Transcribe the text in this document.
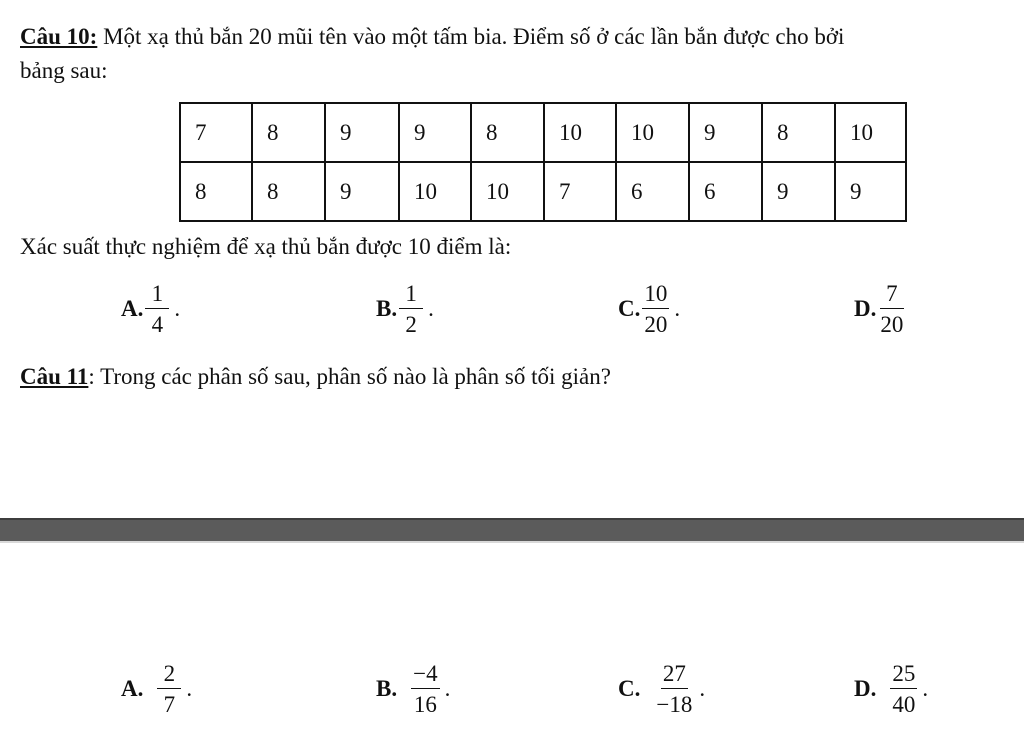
Câu 10: Một xạ thủ bắn 20 mũi tên vào một tấm bia. Điểm số ở các lần bắn được cho bởi
bảng sau:
7	8	9	9	8	10	10	9	8	10
8	8	9	10	10	7	6	6	9	9
Xác suất thực nghiệm để xạ thủ bắn được 10 điểm là:
A. $\frac{1}{4}$ .	B. $\frac{1}{2}$ .	C. $\frac{10}{20}$ .	D. $\frac{7}{20}$
Câu 11: Trong các phân số sau, phân số nào là phân số tối giản?
A. $\frac{2}{7}$ .	B. $\frac{-4}{16}$ .	C. $\frac{27}{-18}$ .	D. $\frac{25}{40}$ .
